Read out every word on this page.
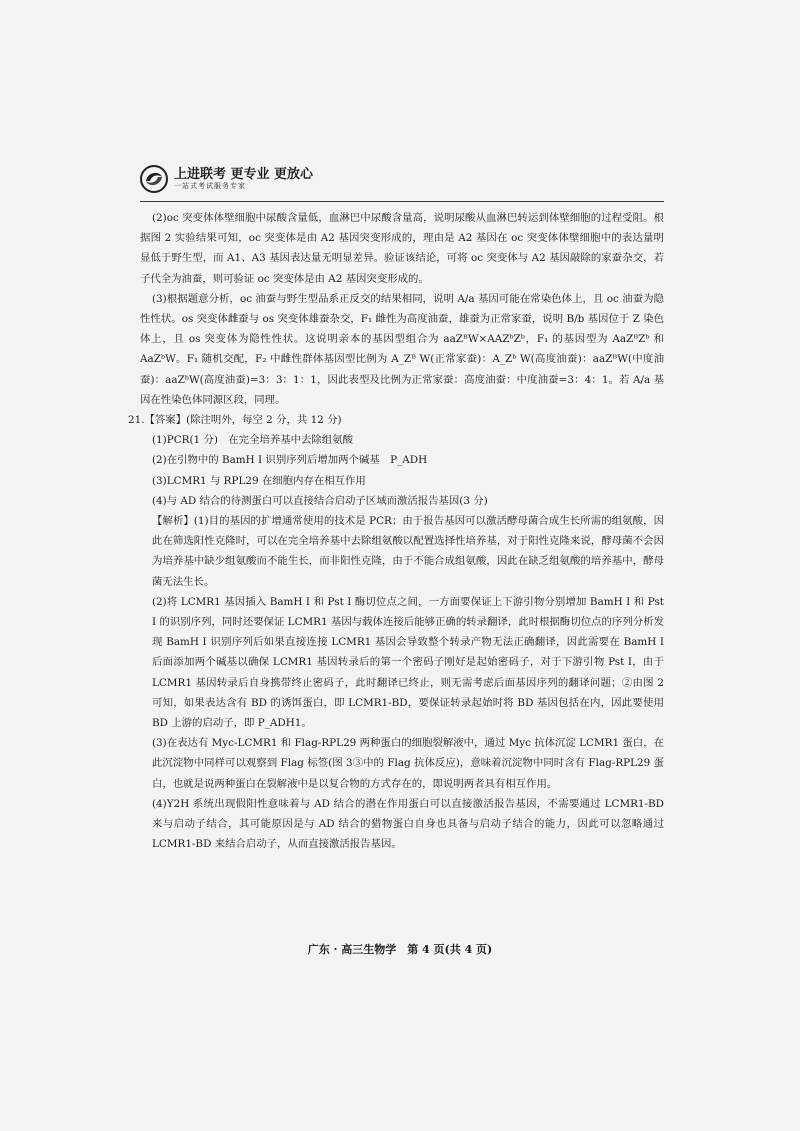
上进联考 更专业 更放心
一站式考试服务专家

(2)oc 突变体体壁细胞中尿酸含量低，血淋巴中尿酸含量高，说明尿酸从血淋巴转运到体壁细胞的过程受阻。根据图 2 实验结果可知，oc 突变体是由 A2 基因突变形成的，理由是 A2 基因在 oc 突变体体壁细胞中的表达量明显低于野生型，而 A1、A3 基因表达量无明显差异。验证该结论，可将 oc 突变体与 A2 基因敲除的家蚕杂交，若子代全为油蚕，则可验证 oc 突变体是由 A2 基因突变形成的。

(3)根据题意分析，oc 油蚕与野生型品系正反交的结果相同，说明 A/a 基因可能在常染色体上，且 oc 油蚕为隐性性状。os 突变体雌蚕与 os 突变体雄蚕杂交，F₁ 雌性为高度油蚕，雄蚕为正常家蚕，说明 B/b 基因位于 Z 染色体上，且 os 突变体为隐性性状。这说明亲本的基因型组合为 aaZᴮW×AAZᵇZᵇ，F₁ 的基因型为 AaZᴮZᵇ 和 AaZᵇW。F₁ 随机交配，F₂ 中雌性群体基因型比例为 A_Zᴮ W(正常家蚕)：A_Zᵇ W(高度油蚕)：aaZᴮW(中度油蚕)：aaZᵇW(高度油蚕)=3：3：1：1，因此表型及比例为正常家蚕：高度油蚕：中度油蚕=3：4：1。若 A/a 基因在性染色体同源区段，同理。

21.【答案】(除注明外，每空 2 分，共 12 分)

(1)PCR(1 分)　在完全培养基中去除组氨酸

(2)在引物中的 BamH Ⅰ 识别序列后增加两个碱基　P_ADH

(3)LCMR1 与 RPL29 在细胞内存在相互作用

(4)与 AD 结合的待测蛋白可以直接结合启动子区域而激活报告基因(3 分)

【解析】(1)目的基因的扩增通常使用的技术是 PCR；由于报告基因可以激活酵母菌合成生长所需的组氨酸，因此在筛选阳性克隆时，可以在完全培养基中去除组氨酸以配置选择性培养基，对于阳性克隆来说，酵母菌不会因为培养基中缺少组氨酸而不能生长，而非阳性克隆，由于不能合成组氨酸，因此在缺乏组氨酸的培养基中，酵母菌无法生长。

(2)将 LCMR1 基因插入 BamH Ⅰ 和 Pst Ⅰ 酶切位点之间，一方面要保证上下游引物分别增加 BamH Ⅰ 和 Pst Ⅰ 的识别序列，同时还要保证 LCMR1 基因与载体连接后能够正确的转录翻译，此时根据酶切位点的序列分析发现 BamH Ⅰ 识别序列后如果直接连接 LCMR1 基因会导致整个转录产物无法正确翻译，因此需要在 BamH Ⅰ 后面添加两个碱基以确保 LCMR1 基因转录后的第一个密码子刚好是起始密码子，对于下游引物 Pst Ⅰ，由于 LCMR1 基因转录后自身携带终止密码子，此时翻译已终止，则无需考虑后面基因序列的翻译问题；②由图 2 可知，如果表达含有 BD 的诱饵蛋白，即 LCMR1-BD，要保证转录起始时将 BD 基因包括在内，因此要使用 BD 上游的启动子，即 P_ADH1。

(3)在表达有 Myc-LCMR1 和 Flag-RPL29 两种蛋白的细胞裂解液中，通过 Myc 抗体沉淀 LCMR1 蛋白，在此沉淀物中同样可以观察到 Flag 标签(图 3③中的 Flag 抗体反应)，意味着沉淀物中同时含有 Flag-RPL29 蛋白，也就是说两种蛋白在裂解液中是以复合物的方式存在的，即说明两者具有相互作用。

(4)Y2H 系统出现假阳性意味着与 AD 结合的潜在作用蛋白可以直接激活报告基因，不需要通过 LCMR1-BD 来与启动子结合，其可能原因是与 AD 结合的猎物蛋白自身也具备与启动子结合的能力，因此可以忽略通过 LCMR1-BD 来结合启动子，从而直接激活报告基因。

广东 · 高三生物学　第 4 页(共 4 页)
